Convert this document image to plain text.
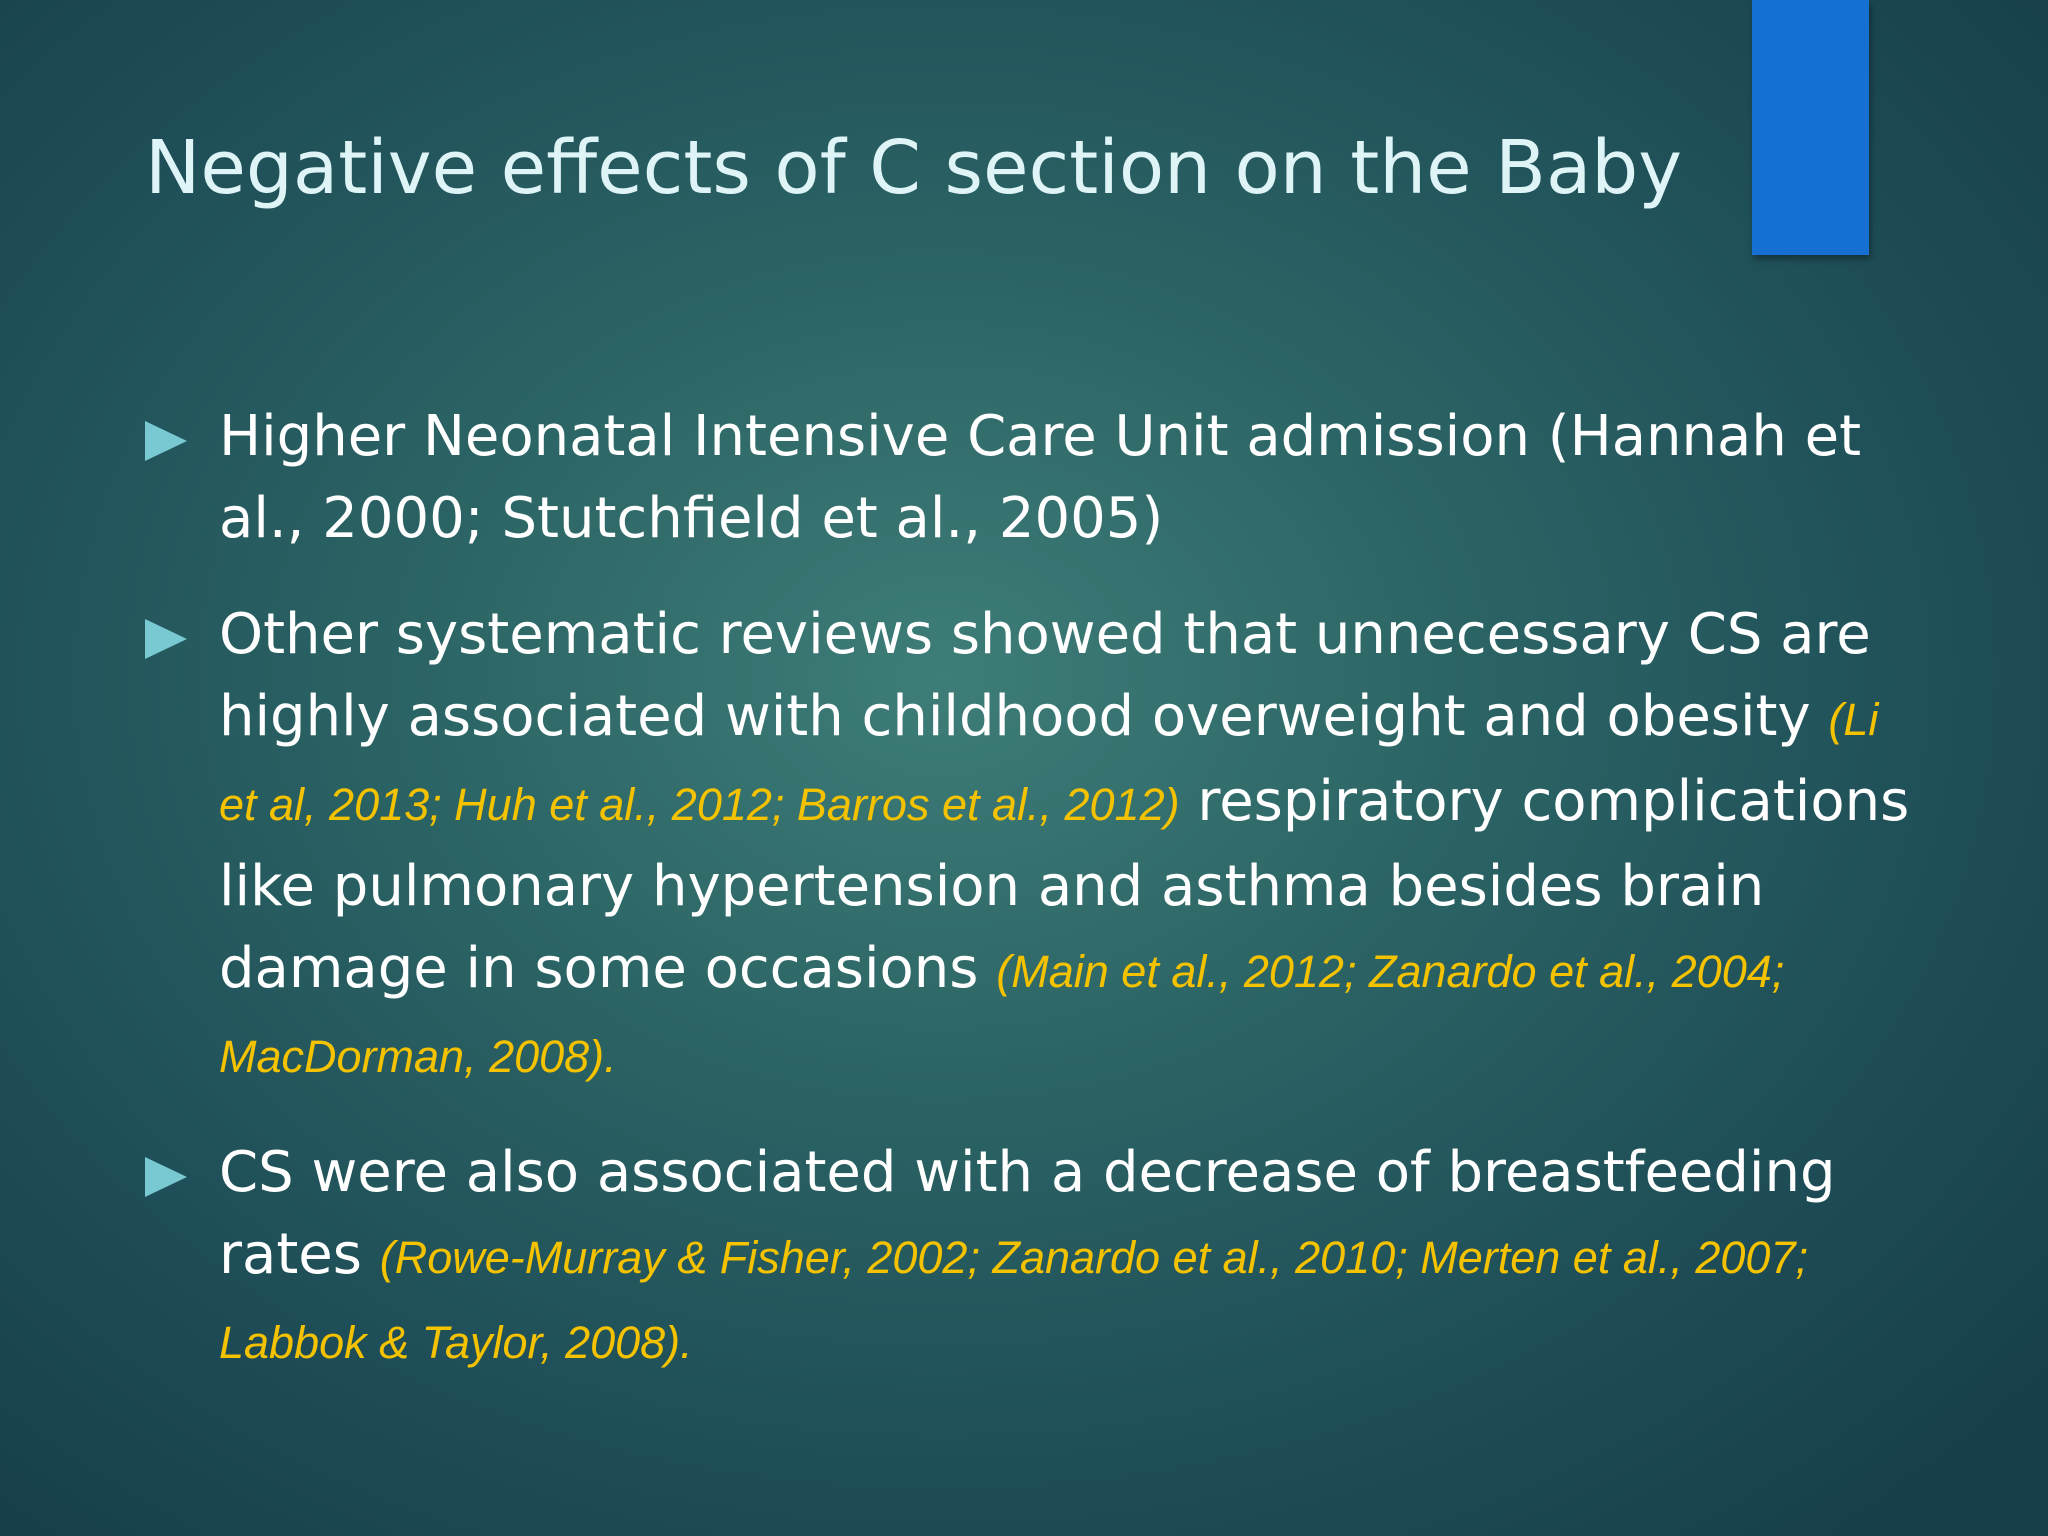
Negative effects of C section on the Baby
Higher Neonatal Intensive Care Unit admission (Hannah et al., 2000; Stutchfield et al., 2005)
Other systematic reviews showed that unnecessary CS are highly associated with childhood overweight and obesity (Li et al, 2013; Huh et al., 2012; Barros et al., 2012) respiratory complications like pulmonary hypertension and asthma besides brain damage in some occasions (Main et al., 2012; Zanardo et al., 2004; MacDorman, 2008).
CS were also associated with a decrease of breastfeeding rates (Rowe-Murray & Fisher, 2002; Zanardo et al., 2010; Merten et al., 2007; Labbok & Taylor, 2008).
